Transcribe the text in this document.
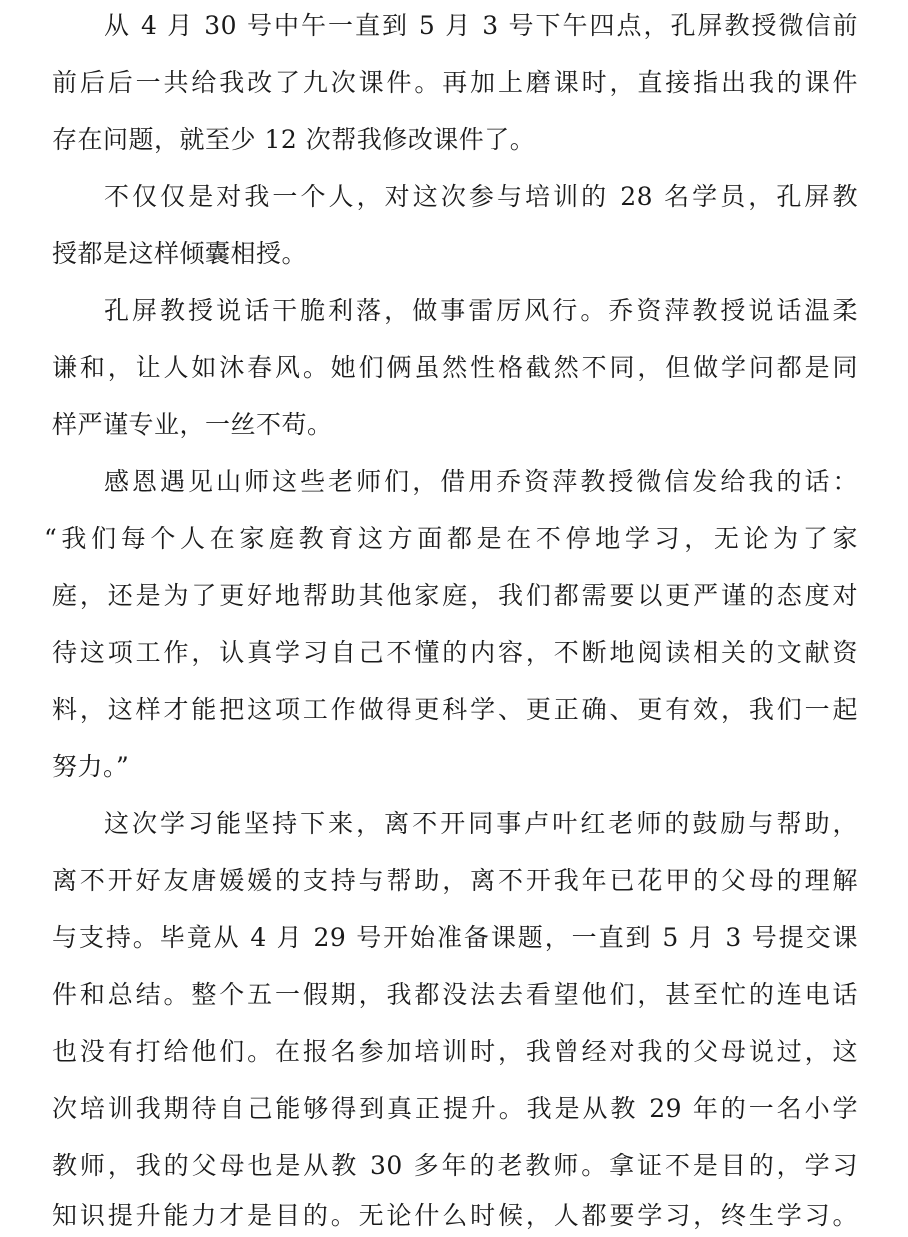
从 4 月 30 号中午一直到 5 月 3 号下午四点，孔屏教授微信前
前后后一共给我改了九次课件。再加上磨课时，直接指出我的课件
存在问题，就至少 12 次帮我修改课件了。
不仅仅是对我一个人，对这次参与培训的 28 名学员，孔屏教
授都是这样倾囊相授。
孔屏教授说话干脆利落，做事雷厉风行。乔资萍教授说话温柔
谦和，让人如沐春风。她们俩虽然性格截然不同，但做学问都是同
样严谨专业，一丝不苟。
感恩遇见山师这些老师们，借用乔资萍教授微信发给我的话：
“我们每个人在家庭教育这方面都是在不停地学习，无论为了家
庭，还是为了更好地帮助其他家庭，我们都需要以更严谨的态度对
待这项工作，认真学习自己不懂的内容，不断地阅读相关的文献资
料，这样才能把这项工作做得更科学、更正确、更有效，我们一起
努力。”
这次学习能坚持下来，离不开同事卢叶红老师的鼓励与帮助，
离不开好友唐媛媛的支持与帮助，离不开我年已花甲的父母的理解
与支持。毕竟从 4 月 29 号开始准备课题，一直到 5 月 3 号提交课
件和总结。整个五一假期，我都没法去看望他们，甚至忙的连电话
也没有打给他们。在报名参加培训时，我曾经对我的父母说过，这
次培训我期待自己能够得到真正提升。我是从教 29 年的一名小学
教师，我的父母也是从教 30 多年的老教师。拿证不是目的，学习
知识提升能力才是目的。无论什么时候，人都要学习，终生学习。
